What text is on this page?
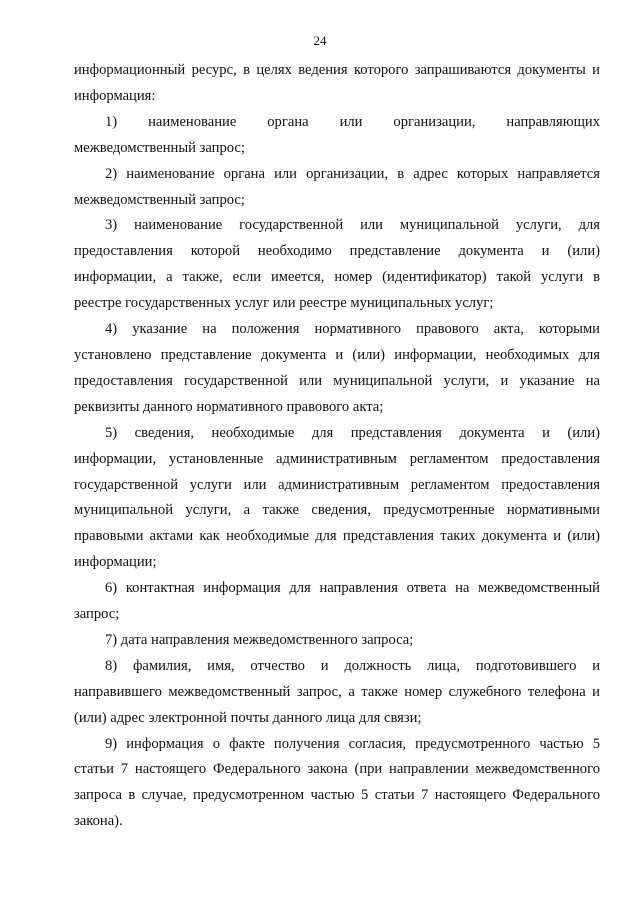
24
информационный ресурс, в целях ведения которого запрашиваются документы и
информация:
1) наименование органа или организации, направляющих
межведомственный запрос;
2) наименование органа или организации, в адрес которых направляется
межведомственный запрос;
3) наименование государственной или муниципальной услуги, для
предоставления которой необходимо представление документа и (или)
информации, а также, если имеется, номер (идентификатор) такой услуги в
реестре государственных услуг или реестре муниципальных услуг;
4) указание на положения нормативного правового акта, которыми
установлено представление документа и (или) информации, необходимых для
предоставления государственной или муниципальной услуги, и указание на
реквизиты данного нормативного правового акта;
5) сведения, необходимые для представления документа и (или)
информации, установленные административным регламентом предоставления
государственной услуги или административным регламентом предоставления
муниципальной услуги, а также сведения, предусмотренные нормативными
правовыми актами как необходимые для представления таких документа и (или)
информации;
6) контактная информация для направления ответа на межведомственный
запрос;
7) дата направления межведомственного запроса;
8) фамилия, имя, отчество и должность лица, подготовившего и
направившего межведомственный запрос, а также номер служебного телефона и
(или) адрес электронной почты данного лица для связи;
9) информация о факте получения согласия, предусмотренного частью 5
статьи 7 настоящего Федерального закона (при направлении межведомственного
запроса в случае, предусмотренном частью 5 статьи 7 настоящего Федерального
закона).
